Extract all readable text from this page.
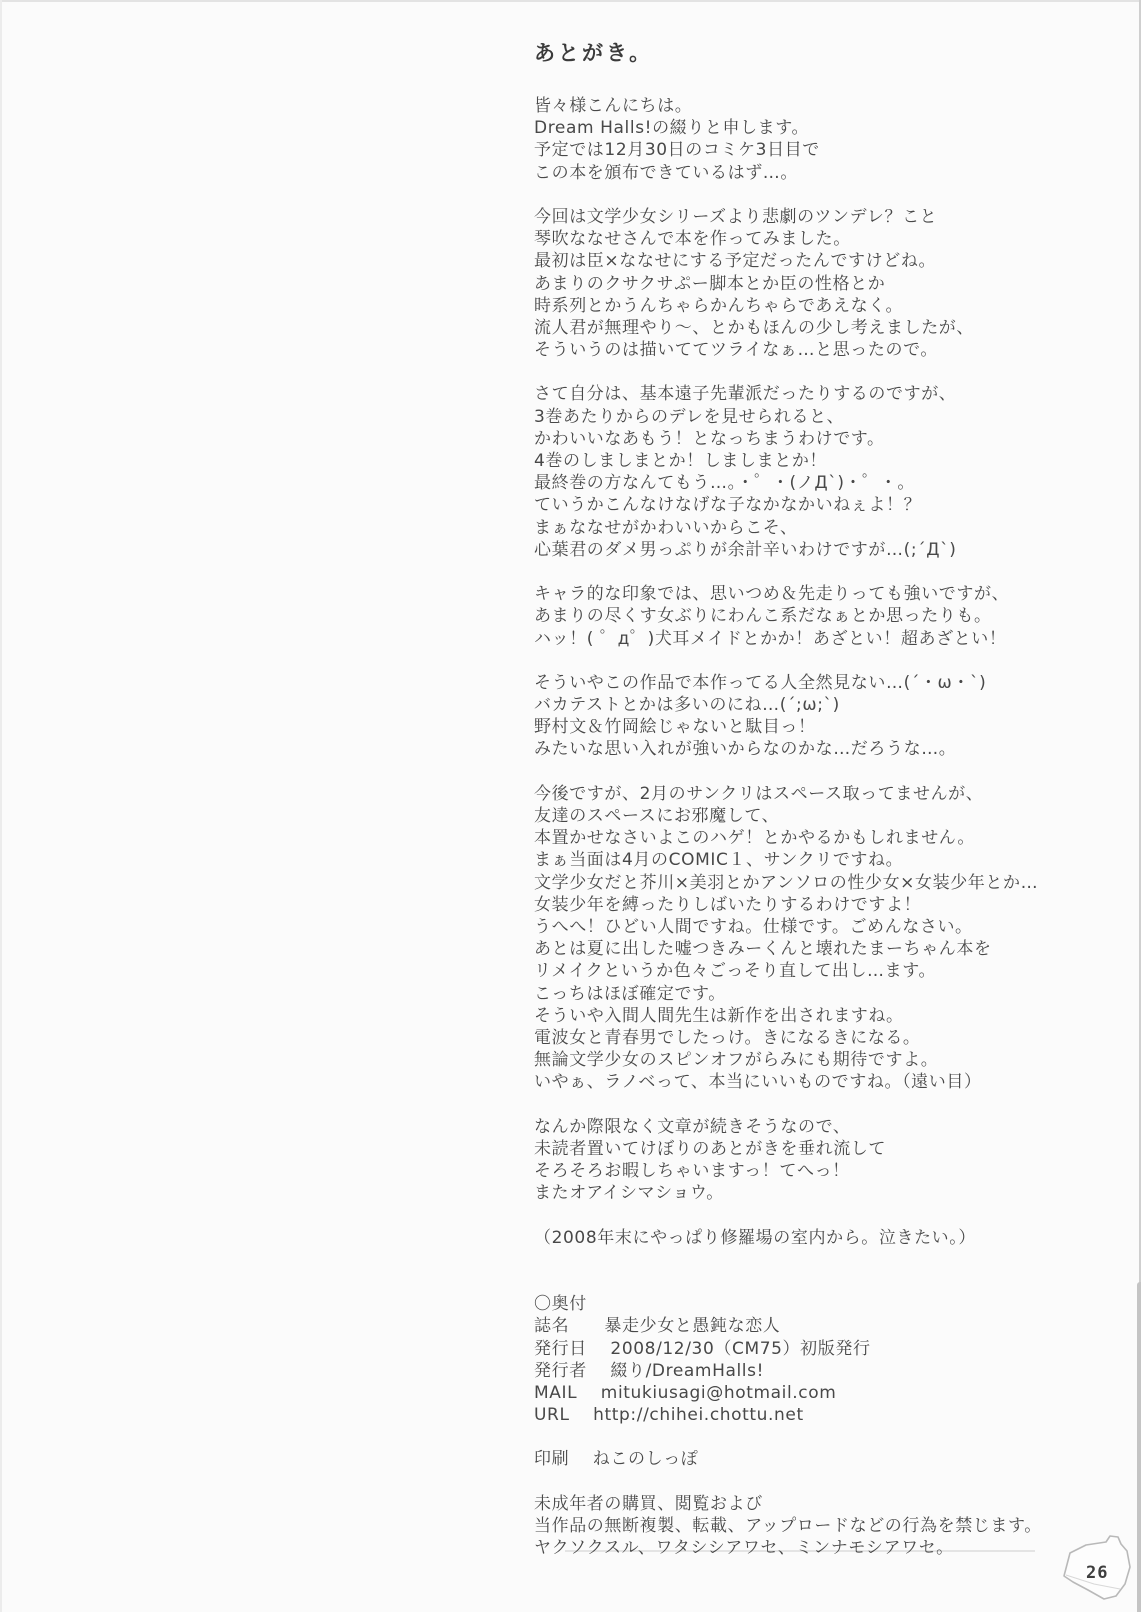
あとがき。
皆々様こんにちは。
Dream Halls!の綴りと申します。
予定では12月30日のコミケ3日目で
この本を頒布できているはず…。

今回は文学少女シリーズより悲劇のツンデレ？こと
琴吹ななせさんで本を作ってみました。
最初は臣×ななせにする予定だったんですけどね。
あまりのクサクサぷー脚本とか臣の性格とか
時系列とかうんちゃらかんちゃらであえなく。
流人君が無理やり〜、とかもほんの少し考えましたが、
そういうのは描いててツライなぁ…と思ったので。

さて自分は、基本遠子先輩派だったりするのですが、
3巻あたりからのデレを見せられると、
かわいいなあもう！となっちまうわけです。
4巻のしましまとか！しましまとか！
最終巻の方なんてもう…。・゜・(ノД`)・゜・。
ていうかこんなけなげな子なかなかいねぇよ！？
まぁななせがかわいいからこそ、
心葉君のダメ男っぷりが余計辛いわけですが…(;´Д`)

キャラ的な印象では、思いつめ＆先走りっても強いですが、
あまりの尽くす女ぶりにわんこ系だなぁとか思ったりも。
ハッ！( ゜д゜)犬耳メイドとかか！あざとい！超あざとい！

そういやこの作品で本作ってる人全然見ない…(´・ω・`)
バカテストとかは多いのにね…(´;ω;`)
野村文＆竹岡絵じゃないと駄目っ！
みたいな思い入れが強いからなのかな…だろうな…。

今後ですが、2月のサンクリはスペース取ってませんが、
友達のスペースにお邪魔して、
本置かせなさいよこのハゲ！とかやるかもしれません。
まぁ当面は4月のCOMIC１、サンクリですね。
文学少女だと芥川×美羽とかアンソロの性少女×女装少年とか…
女装少年を縛ったりしばいたりするわけですよ！
うへへ！ひどい人間ですね。仕様です。ごめんなさい。
あとは夏に出した嘘つきみーくんと壊れたまーちゃん本を
リメイクというか色々ごっそり直して出し…ます。
こっちはほぼ確定です。
そういや入間人間先生は新作を出されますね。
電波女と青春男でしたっけ。きになるきになる。
無論文学少女のスピンオフがらみにも期待ですよ。
いやぁ、ラノベって、本当にいいものですね。（遠い目）

なんか際限なく文章が続きそうなので、
未読者置いてけぼりのあとがきを垂れ流して
そろそろお暇しちゃいますっ！てへっ！
またオアイシマショウ。

（2008年末にやっぱり修羅場の室内から。泣きたい。）

〇奥付
誌名　　暴走少女と愚鈍な恋人
発行日　 2008/12/30（CM75）初版発行
発行者　 綴り/DreamHalls!
MAIL　 mitukiusagi@hotmail.com
URL　 http://chihei.chottu.net

印刷　 ねこのしっぽ

未成年者の購買、閲覧および
当作品の無断複製、転載、アップロードなどの行為を禁じます。
ヤクソクスル、ワタシシアワセ、ミンナモシアワセ。
26
